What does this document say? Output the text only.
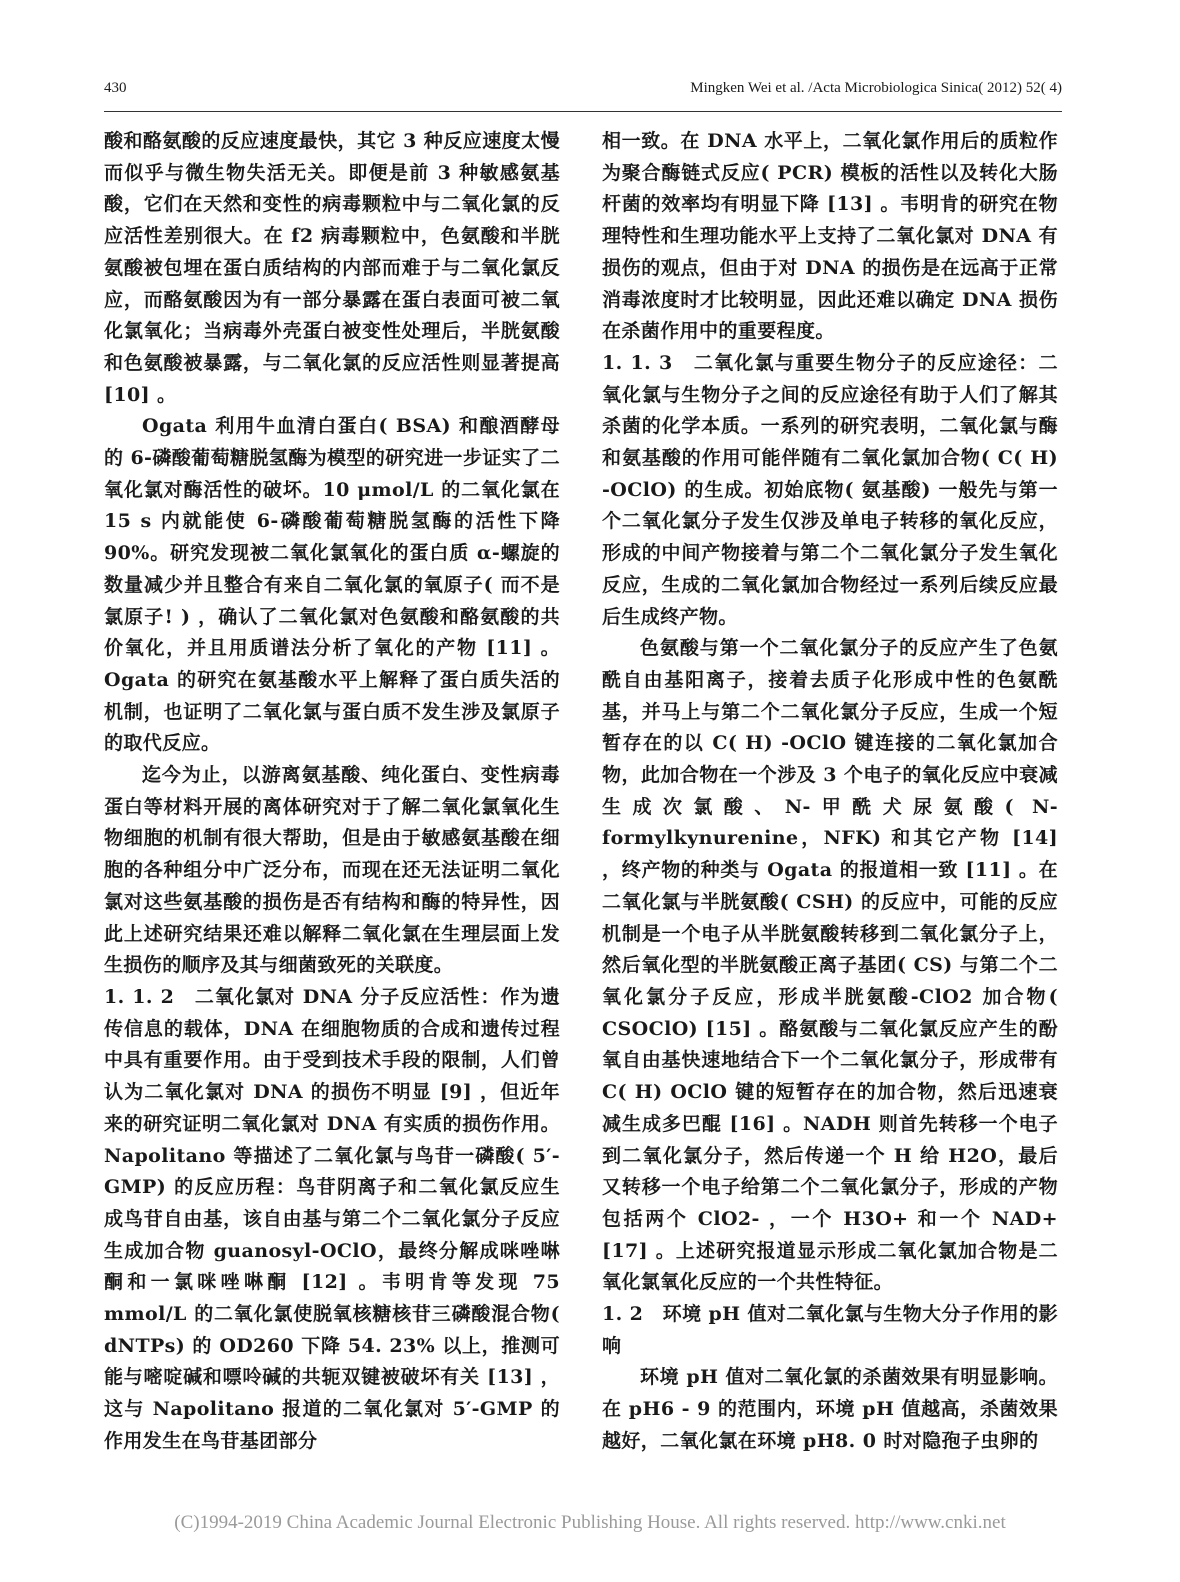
430	Mingken Wei et al. /Acta Microbiologica Sinica( 2012) 52( 4)

酸和酪氨酸的反应速度最快，其它 3 种反应速度太慢而似乎与微生物失活无关。即便是前 3 种敏感氨基酸，它们在天然和变性的病毒颗粒中与二氧化氯的反应活性差别很大。在 f2 病毒颗粒中，色氨酸和半胱氨酸被包埋在蛋白质结构的内部而难于与二氧化氯反应，而酪氨酸因为有一部分暴露在蛋白表面可被二氧化氯氧化；当病毒外壳蛋白被变性处理后，半胱氨酸和色氨酸被暴露，与二氧化氯的反应活性则显著提高 [10] 。

Ogata 利用牛血清白蛋白( BSA) 和酿酒酵母的 6-磷酸葡萄糖脱氢酶为模型的研究进一步证实了二氧化氯对酶活性的破坏。10 μmol/L 的二氧化氯在 15 s 内就能使 6-磷酸葡萄糖脱氢酶的活性下降 90%。研究发现被二氧化氯氧化的蛋白质 α-螺旋的数量减少并且整合有来自二氧化氯的氧原子( 而不是氯原子! ) ，确认了二氧化氯对色氨酸和酪氨酸的共价氧化，并且用质谱法分析了氧化的产物 [11] 。Ogata 的研究在氨基酸水平上解释了蛋白质失活的机制，也证明了二氧化氯与蛋白质不发生涉及氯原子的取代反应。

迄今为止，以游离氨基酸、纯化蛋白、变性病毒蛋白等材料开展的离体研究对于了解二氧化氯氧化生物细胞的机制有很大帮助，但是由于敏感氨基酸在细胞的各种组分中广泛分布，而现在还无法证明二氧化氯对这些氨基酸的损伤是否有结构和酶的特异性，因此上述研究结果还难以解释二氧化氯在生理层面上发生损伤的顺序及其与细菌致死的关联度。

1. 1. 2　二氧化氯对 DNA 分子反应活性：作为遗传信息的载体，DNA 在细胞物质的合成和遗传过程中具有重要作用。由于受到技术手段的限制，人们曾认为二氧化氯对 DNA 的损伤不明显 [9] ，但近年来的研究证明二氧化氯对 DNA 有实质的损伤作用。Napolitano 等描述了二氧化氯与鸟苷一磷酸( 5′-GMP) 的反应历程：鸟苷阴离子和二氧化氯反应生成鸟苷自由基，该自由基与第二个二氧化氯分子反应生成加合物 guanosyl-OClO，最终分解成咪唑啉酮和一氯咪唑啉酮 [12] 。韦明肯等发现 75 mmol/L 的二氧化氯使脱氧核糖核苷三磷酸混合物( dNTPs) 的 OD260 下降 54. 23% 以上，推测可能与嘧啶碱和嘌呤碱的共轭双键被破坏有关 [13] ，这与 Napolitano 报道的二氧化氯对 5′-GMP 的作用发生在鸟苷基团部分

相一致。在 DNA 水平上，二氧化氯作用后的质粒作为聚合酶链式反应( PCR) 模板的活性以及转化大肠杆菌的效率均有明显下降 [13] 。韦明肯的研究在物理特性和生理功能水平上支持了二氧化氯对 DNA 有损伤的观点，但由于对 DNA 的损伤是在远高于正常消毒浓度时才比较明显，因此还难以确定 DNA 损伤在杀菌作用中的重要程度。

1. 1. 3　二氧化氯与重要生物分子的反应途径：二氧化氯与生物分子之间的反应途径有助于人们了解其杀菌的化学本质。一系列的研究表明，二氧化氯与酶和氨基酸的作用可能伴随有二氧化氯加合物( C( H) -OClO) 的生成。初始底物( 氨基酸) 一般先与第一个二氧化氯分子发生仅涉及单电子转移的氧化反应，形成的中间产物接着与第二个二氧化氯分子发生氧化反应，生成的二氧化氯加合物经过一系列后续反应最后生成终产物。

色氨酸与第一个二氧化氯分子的反应产生了色氨酰自由基阳离子，接着去质子化形成中性的色氨酰基，并马上与第二个二氧化氯分子反应，生成一个短暂存在的以 C( H) -OClO 键连接的二氧化氯加合物，此加合物在一个涉及 3 个电子的氧化反应中衰减生成次氯酸、N-甲酰犬尿氨酸( N-formylkynurenine，NFK) 和其它产物 [14] ，终产物的种类与 Ogata 的报道相一致 [11] 。在二氧化氯与半胱氨酸( CSH) 的反应中，可能的反应机制是一个电子从半胱氨酸转移到二氧化氯分子上，然后氧化型的半胱氨酸正离子基团( CS) 与第二个二氧化氯分子反应，形成半胱氨酸-ClO2 加合物( CSOClO) [15] 。酪氨酸与二氧化氯反应产生的酚氧自由基快速地结合下一个二氧化氯分子，形成带有 C( H) OClO 键的短暂存在的加合物，然后迅速衰减生成多巴醌 [16] 。NADH 则首先转移一个电子到二氧化氯分子，然后传递一个 H 给 H2O，最后又转移一个电子给第二个二氧化氯分子，形成的产物包括两个 ClO2- ，一个 H3O+ 和一个 NAD+ [17] 。上述研究报道显示形成二氧化氯加合物是二氧化氯氧化反应的一个共性特征。

1. 2　环境 pH 值对二氧化氯与生物大分子作用的影响

环境 pH 值对二氧化氯的杀菌效果有明显影响。在 pH6 - 9 的范围内，环境 pH 值越高，杀菌效果越好，二氧化氯在环境 pH8. 0 时对隐孢子虫卵的

(C)1994-2019 China Academic Journal Electronic Publishing House. All rights reserved. http://www.cnki.net
